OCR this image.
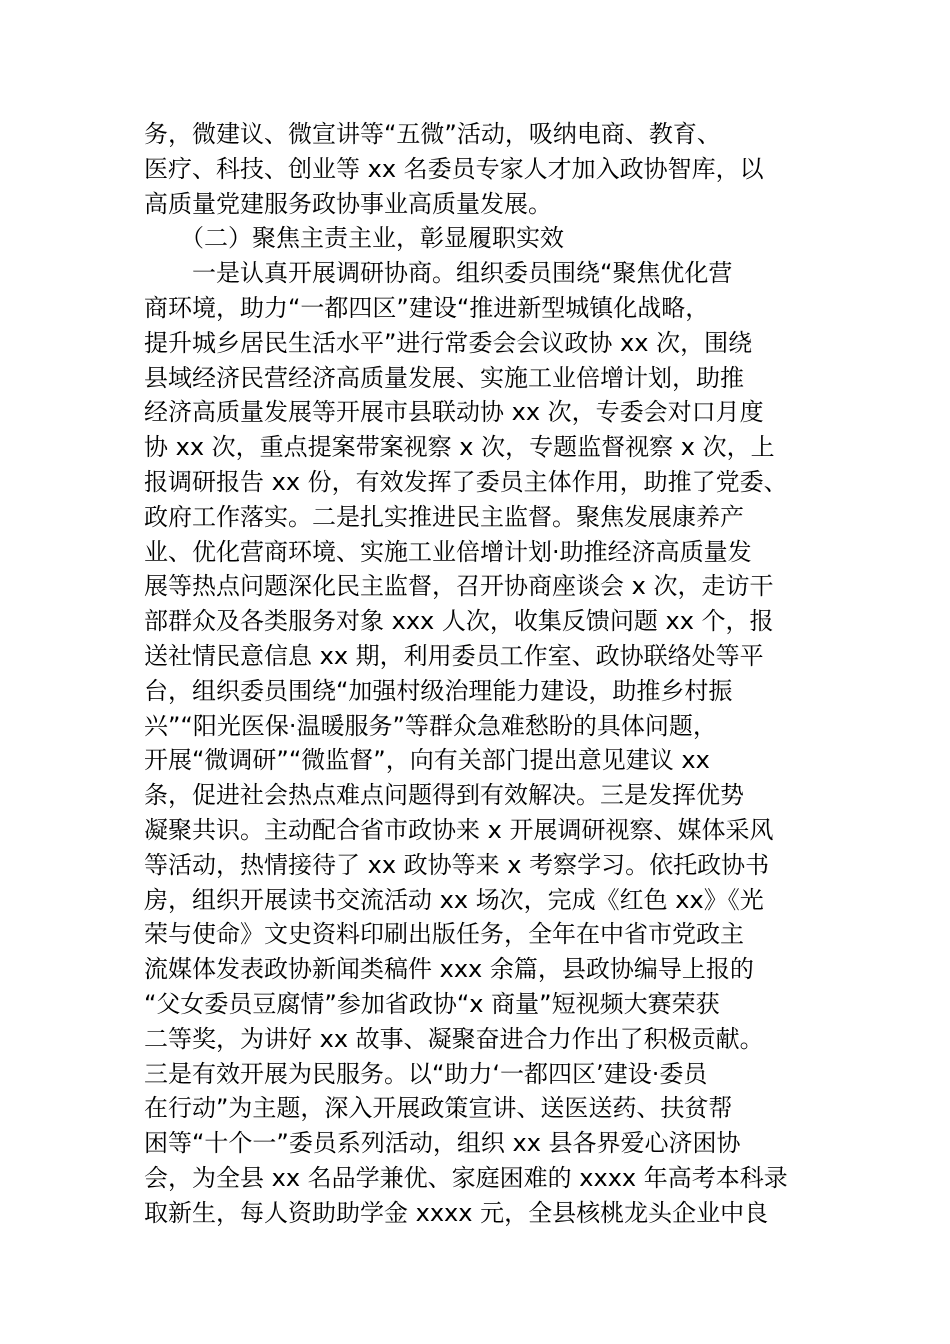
务，微建议、微宣讲等“五微”活动，吸纳电商、教育、
医疗、科技、创业等 xx 名委员专家人才加入政协智库，以
高质量党建服务政协事业高质量发展。
　　（二）聚焦主责主业，彰显履职实效
　　一是认真开展调研协商。组织委员围绕“聚焦优化营
商环境，助力“一都四区”建设“推进新型城镇化战略，
提升城乡居民生活水平”进行常委会会议政协 xx 次，围绕
县域经济民营经济高质量发展、实施工业倍增计划，助推
经济高质量发展等开展市县联动协 xx 次，专委会对口月度
协 xx 次，重点提案带案视察 x 次，专题监督视察 x 次，上
报调研报告 xx 份，有效发挥了委员主体作用，助推了党委、
政府工作落实。二是扎实推进民主监督。聚焦发展康养产
业、优化营商环境、实施工业倍增计划·助推经济高质量发
展等热点问题深化民主监督，召开协商座谈会 x 次，走访干
部群众及各类服务对象 xxx 人次，收集反馈问题 xx 个，报
送社情民意信息 xx 期，利用委员工作室、政协联络处等平
台，组织委员围绕“加强村级治理能力建设，助推乡村振
兴”“阳光医保·温暖服务”等群众急难愁盼的具体问题，
开展“微调研”“微监督”，向有关部门提出意见建议 xx
条，促进社会热点难点问题得到有效解决。三是发挥优势
凝聚共识。主动配合省市政协来 x 开展调研视察、媒体采风
等活动，热情接待了 xx 政协等来 x 考察学习。依托政协书
房，组织开展读书交流活动 xx 场次，完成《红色 xx》《光
荣与使命》文史资料印刷出版任务，全年在中省市党政主
流媒体发表政协新闻类稿件 xxx 余篇，县政协编导上报的
“父女委员豆腐情”参加省政协“x 商量”短视频大赛荣获
二等奖，为讲好 xx 故事、凝聚奋进合力作出了积极贡献。
三是有效开展为民服务。以“助力‘一都四区’建设·委员
在行动”为主题，深入开展政策宣讲、送医送药、扶贫帮
困等“十个一”委员系列活动，组织 xx 县各界爱心济困协
会，为全县 xx 名品学兼优、家庭困难的 xxxx 年高考本科录
取新生，每人资助助学金 xxxx 元，全县核桃龙头企业中良
